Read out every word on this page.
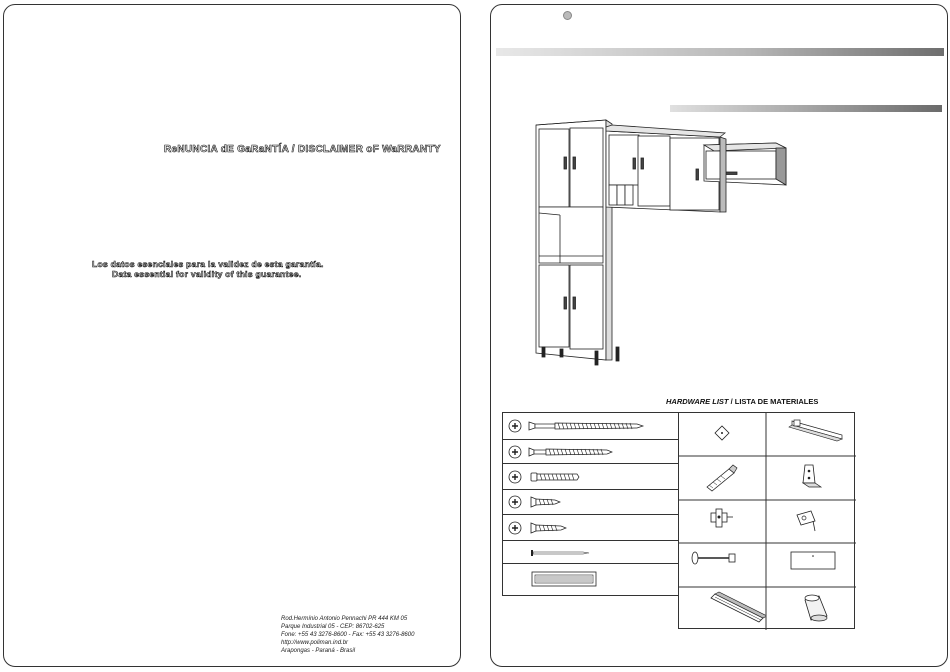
ReNUNCIA dE GaRaNTÍA / DISCLAIMER oF WaRRANTY
Los datos esenciales para la validez de esta garantía.
Data essential for validity of this guarantee.
Rod.Hermínio Antonio Pennachi PR 444 KM 05
Parque Industrial 05 - CEP: 86702-625
Fone: +55 43 3276-8600 - Fax: +55 43 3276-8600
http://www.poliman.ind.br
Arapongas - Paraná - Brasil
HARDWARE LIST / LISTA DE MATERIALES
